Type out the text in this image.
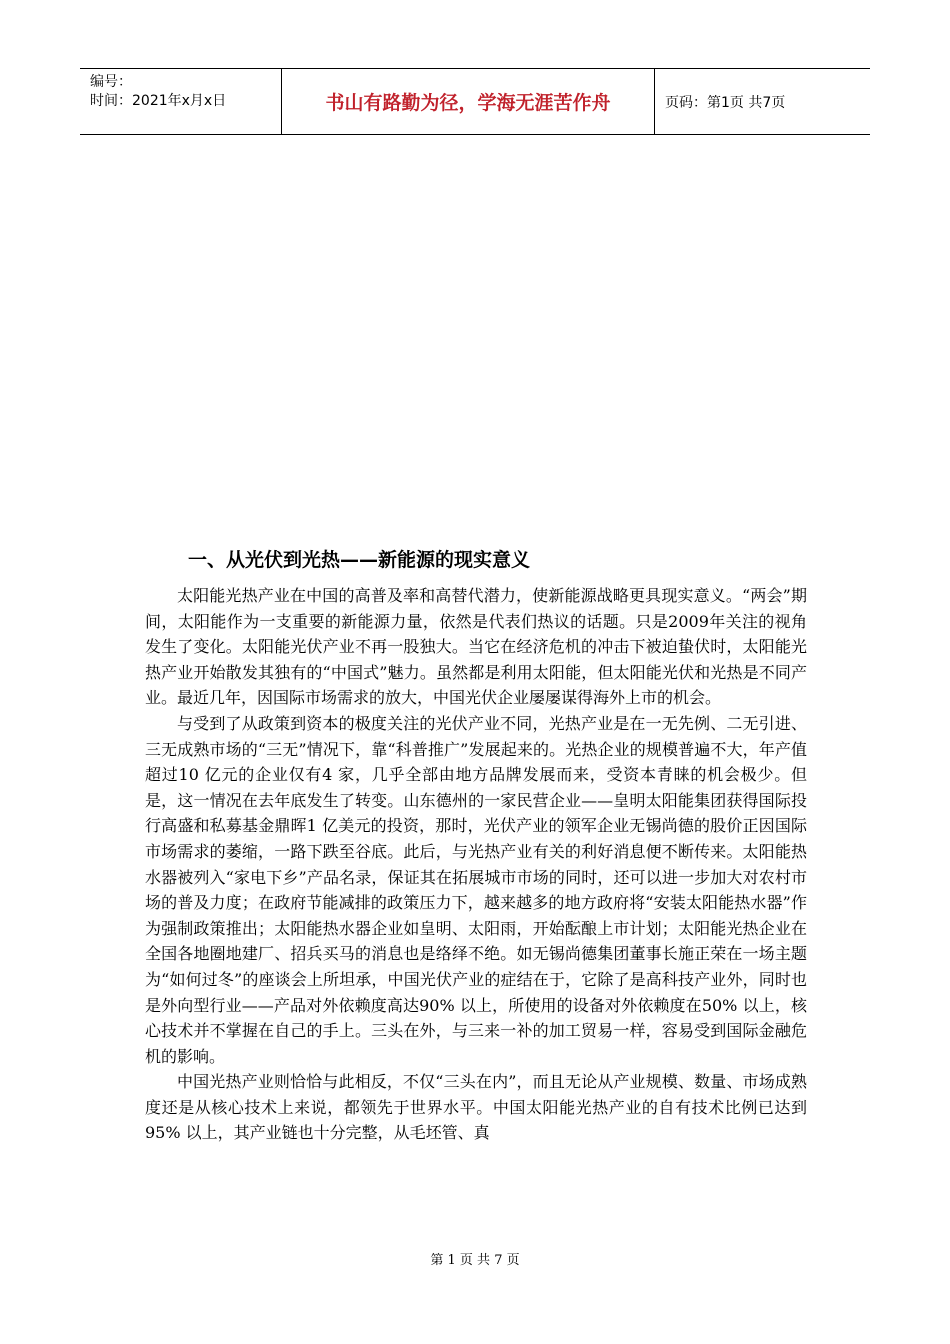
编号：
时间：2021年x月x日	书山有路勤为径，学海无涯苦作舟	页码：第1页 共7页
一、从光伏到光热——新能源的现实意义

太阳能光热产业在中国的高普及率和高替代潜力，使新能源战略更具现实意义。“两会”期间，太阳能作为一支重要的新能源力量，依然是代表们热议的话题。只是2009年关注的视角发生了变化。太阳能光伏产业不再一股独大。当它在经济危机的冲击下被迫蛰伏时，太阳能光热产业开始散发其独有的“中国式”魅力。虽然都是利用太阳能，但太阳能光伏和光热是不同产业。最近几年，因国际市场需求的放大，中国光伏企业屡屡谋得海外上市的机会。

与受到了从政策到资本的极度关注的光伏产业不同，光热产业是在一无先例、二无引进、三无成熟市场的“三无”情况下，靠“科普推广”发展起来的。光热企业的规模普遍不大，年产值超过10 亿元的企业仅有4 家，几乎全部由地方品牌发展而来，受资本青睐的机会极少。但是，这一情况在去年底发生了转变。山东德州的一家民营企业——皇明太阳能集团获得国际投行高盛和私募基金鼎晖1 亿美元的投资，那时，光伏产业的领军企业无锡尚德的股价正因国际市场需求的萎缩，一路下跌至谷底。此后，与光热产业有关的利好消息便不断传来。太阳能热水器被列入“家电下乡”产品名录，保证其在拓展城市市场的同时，还可以进一步加大对农村市场的普及力度；在政府节能减排的政策压力下，越来越多的地方政府将“安装太阳能热水器”作为强制政策推出；太阳能热水器企业如皇明、太阳雨，开始酝酿上市计划；太阳能光热企业在全国各地圈地建厂、招兵买马的消息也是络绎不绝。如无锡尚德集团董事长施正荣在一场主题为“如何过冬”的座谈会上所坦承，中国光伏产业的症结在于，它除了是高科技产业外，同时也是外向型行业——产品对外依赖度高达90% 以上，所使用的设备对外依赖度在50% 以上，核心技术并不掌握在自己的手上。三头在外，与三来一补的加工贸易一样，容易受到国际金融危机的影响。

中国光热产业则恰恰与此相反，不仅“三头在内”，而且无论从产业规模、数量、市场成熟度还是从核心技术上来说，都领先于世界水平。中国太阳能光热产业的自有技术比例已达到95% 以上，其产业链也十分完整，从毛坯管、真

第 1 页 共 7 页
